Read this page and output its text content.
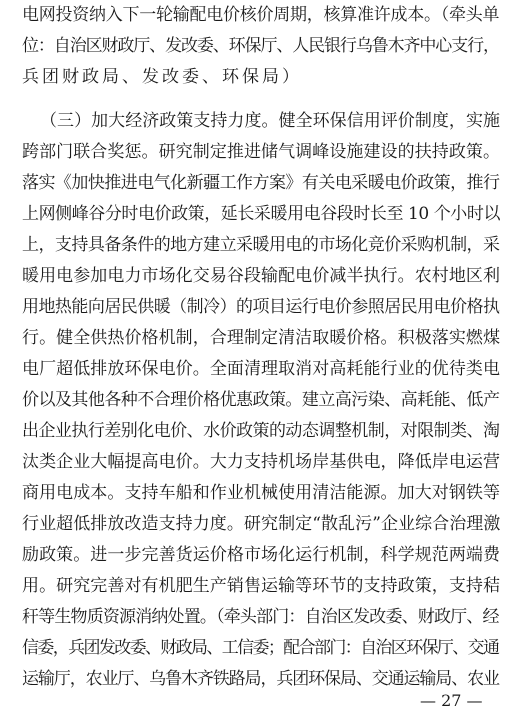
电网投资纳入下一轮输配电价核价周期，核算准许成本。（牵头单
位：自治区财政厅、发改委、环保厅、人民银行乌鲁木齐中心支行，
兵团财政局、发改委、环保局）
（三）加大经济政策支持力度。健全环保信用评价制度，实施
跨部门联合奖惩。研究制定推进储气调峰设施建设的扶持政策。
落实《加快推进电气化新疆工作方案》有关电采暖电价政策，推行
上网侧峰谷分时电价政策，延长采暖用电谷段时长至 10 个小时以
上，支持具备条件的地方建立采暖用电的市场化竞价采购机制，采
暖用电参加电力市场化交易谷段输配电价减半执行。农村地区利
用地热能向居民供暖（制冷）的项目运行电价参照居民用电价格执
行。健全供热价格机制，合理制定清洁取暖价格。积极落实燃煤
电厂超低排放环保电价。全面清理取消对高耗能行业的优待类电
价以及其他各种不合理价格优惠政策。建立高污染、高耗能、低产
出企业执行差别化电价、水价政策的动态调整机制，对限制类、淘
汰类企业大幅提高电价。大力支持机场岸基供电，降低岸电运营
商用电成本。支持车船和作业机械使用清洁能源。加大对钢铁等
行业超低排放改造支持力度。研究制定“散乱污”企业综合治理激
励政策。进一步完善货运价格市场化运行机制，科学规范两端费
用。研究完善对有机肥生产销售运输等环节的支持政策，支持秸
秆等生物质资源消纳处置。（牵头部门：自治区发改委、财政厅、经
信委，兵团发改委、财政局、工信委；配合部门：自治区环保厅、交通
运输厅，农业厅、乌鲁木齐铁路局，兵团环保局、交通运输局、农业
— 27 —
